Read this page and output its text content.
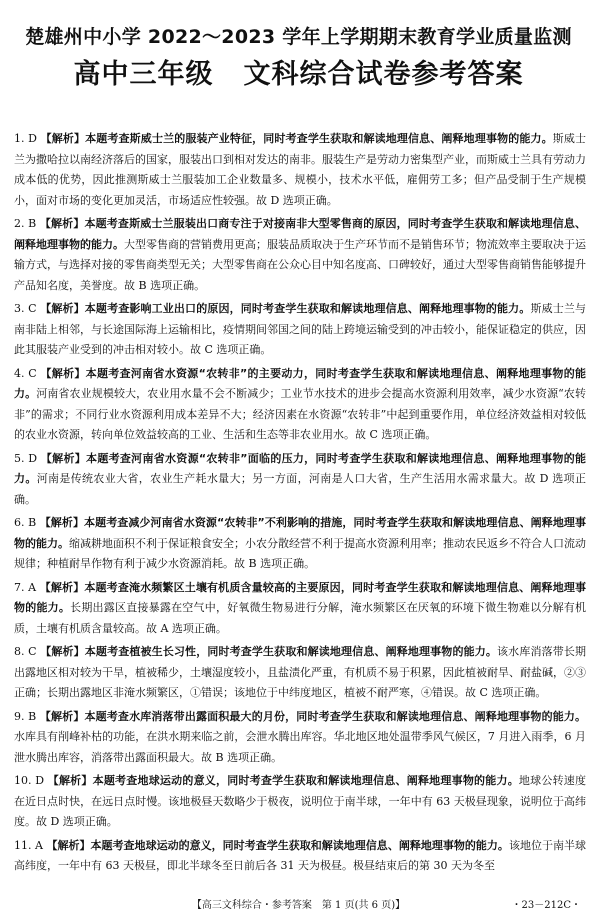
楚雄州中小学 2022～2023 学年上学期期末教育学业质量监测
高中三年级 文科综合试卷参考答案

1. D 【解析】本题考查斯威士兰的服装产业特征，同时考查学生获取和解读地理信息、阐释地理事物的能力。斯威士兰为撒哈拉以南经济落后的国家，服装出口到相对发达的南非。服装生产是劳动力密集型产业，而斯威士兰具有劳动力成本低的优势，因此推测斯威士兰服装加工企业数量多、规模小，技术水平低，雇佣劳工多；但产品受制于生产规模小，面对市场的变化更加灵活，市场适应性较强。故 D 选项正确。

2. B 【解析】本题考查斯威士兰服装出口商专注于对接南非大型零售商的原因，同时考查学生获取和解读地理信息、阐释地理事物的能力。大型零售商的营销费用更高；服装品质取决于生产环节而不是销售环节；物流效率主要取决于运输方式，与选择对接的零售商类型无关；大型零售商在公众心目中知名度高、口碑较好，通过大型零售商销售能够提升产品知名度，美誉度。故 B 选项正确。

3. C 【解析】本题考查影响工业出口的原因，同时考查学生获取和解读地理信息、阐释地理事物的能力。斯威士兰与南非陆上相邻，与长途国际海上运输相比，疫情期间邻国之间的陆上跨境运输受到的冲击较小，能保证稳定的供应，因此其服装产业受到的冲击相对较小。故 C 选项正确。

4. C 【解析】本题考查河南省水资源“农转非”的主要动力，同时考查学生获取和解读地理信息、阐释地理事物的能力。河南省农业规模较大，农业用水量不会不断减少；工业节水技术的进步会提高水资源利用效率，减少水资源“农转非”的需求；不同行业水资源利用成本差异不大；经济因素在水资源“农转非”中起到重要作用，单位经济效益相对较低的农业水资源，转向单位效益较高的工业、生活和生态等非农业用水。故 C 选项正确。

5. D 【解析】本题考查河南省水资源“农转非”面临的压力，同时考查学生获取和解读地理信息、阐释地理事物的能力。河南是传统农业大省，农业生产耗水量大；另一方面，河南是人口大省，生产生活用水需求量大。故 D 选项正确。

6. B 【解析】本题考查减少河南省水资源“农转非”不利影响的措施，同时考查学生获取和解读地理信息、阐释地理事物的能力。缩减耕地面积不利于保证粮食安全；小农分散经营不利于提高水资源利用率；推动农民返乡不符合人口流动规律；种植耐旱作物有利于减少水资源消耗。故 B 选项正确。

7. A 【解析】本题考查淹水频繁区土壤有机质含量较高的主要原因，同时考查学生获取和解读地理信息、阐释地理事物的能力。长期出露区直接暴露在空气中，好氧微生物易进行分解，淹水频繁区在厌氧的环境下微生物难以分解有机质，土壤有机质含量较高。故 A 选项正确。

8. C 【解析】本题考查植被生长习性，同时考查学生获取和解读地理信息、阐释地理事物的能力。该水库消落带长期出露地区相对较为干旱，植被稀少，土壤湿度较小，且盐渍化严重，有机质不易于积累，因此植被耐旱、耐盐碱，②③正确；长期出露地区非淹水频繁区，①错误；该地位于中纬度地区，植被不耐严寒，④错误。故 C 选项正确。

9. B 【解析】本题考查水库消落带出露面积最大的月份，同时考查学生获取和解读地理信息、阐释地理事物的能力。水库具有削峰补枯的功能，在洪水期来临之前，会泄水腾出库容。华北地区地处温带季风气候区，7 月进入雨季，6 月泄水腾出库容，消落带出露面积最大。故 B 选项正确。

10. D 【解析】本题考查地球运动的意义，同时考查学生获取和解读地理信息、阐释地理事物的能力。地球公转速度在近日点时快，在远日点时慢。该地极昼天数略少于极夜，说明位于南半球，一年中有 63 天极昼现象，说明位于高纬度。故 D 选项正确。

11. A 【解析】本题考查地球运动的意义，同时考查学生获取和解读地理信息、阐释地理事物的能力。该地位于南半球高纬度，一年中有 63 天极昼，即北半球冬至日前后各 31 天为极昼。极昼结束后的第 30 天为冬至

【高三文科综合・参考答案　第 1 页(共 6 页)】	・23－212C・
